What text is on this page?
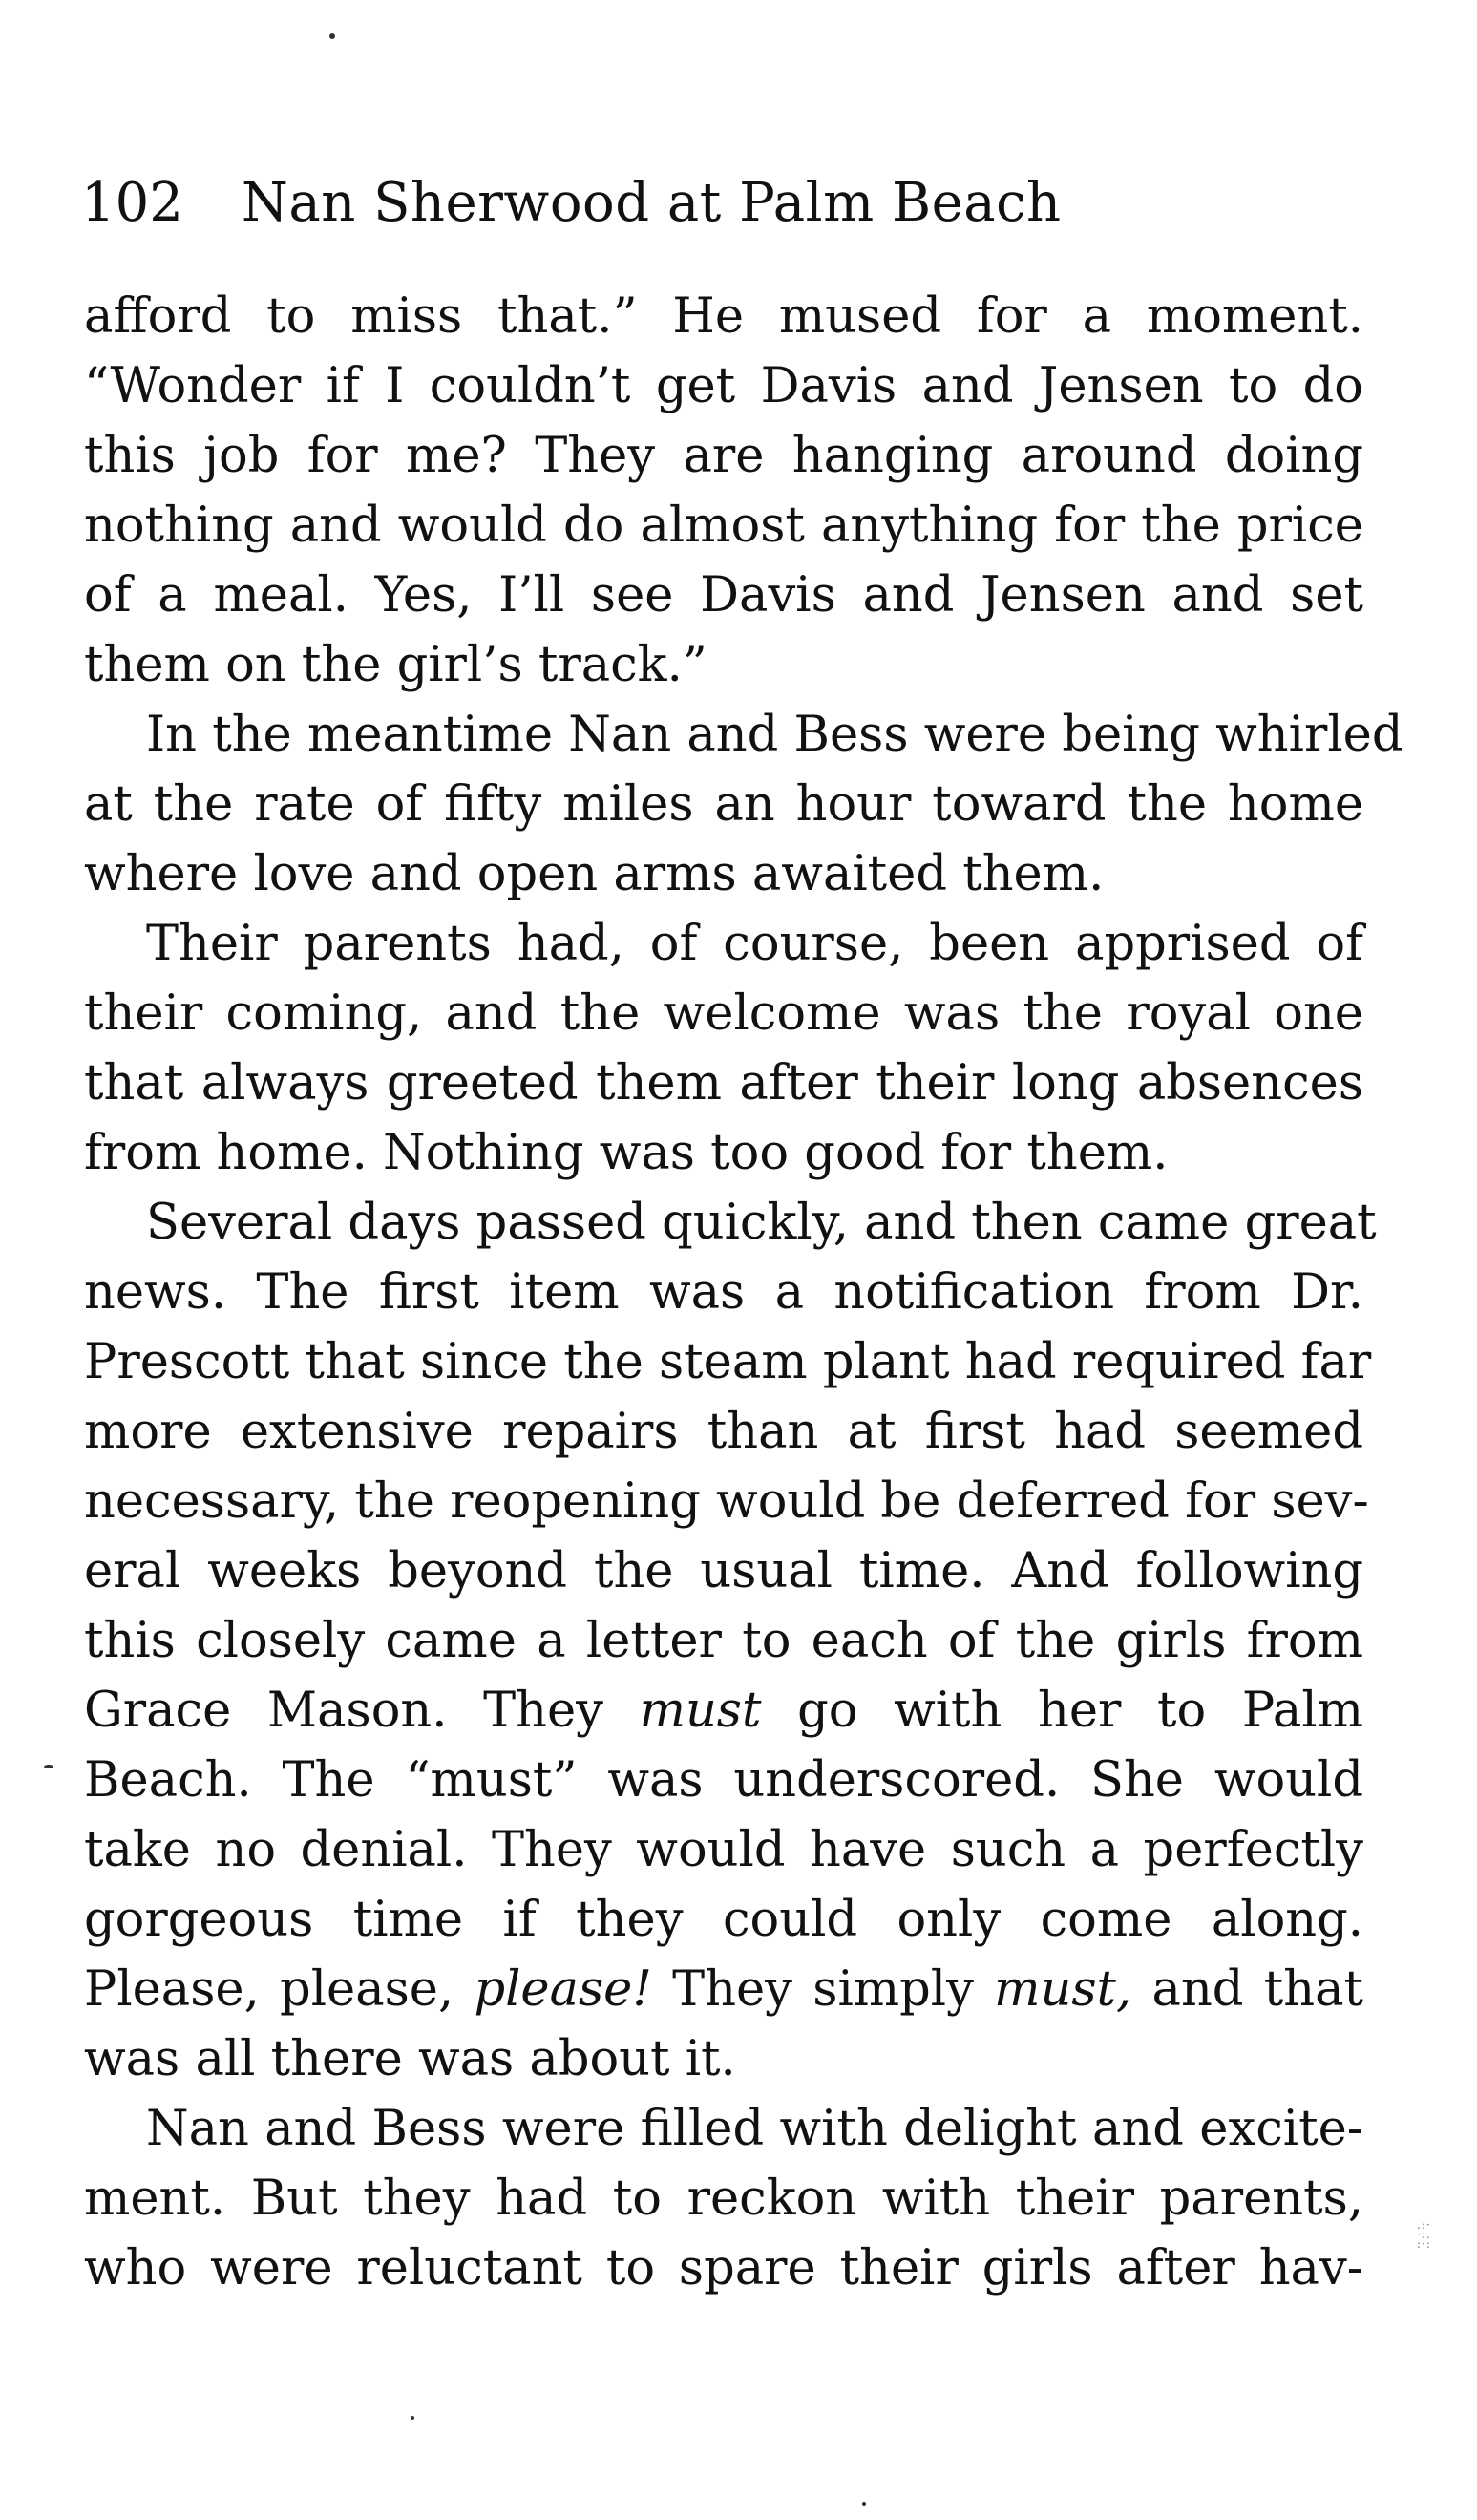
.:· ·:. :·:
102 Nan Sherwood at Palm Beach
afford to miss that.” He mused for a moment.
“Wonder if I couldn’t get Davis and Jensen to do
this job for me? They are hanging around doing
nothing and would do almost anything for the price
of a meal. Yes, I’ll see Davis and Jensen and set
them on the girl’s track.”
In the meantime Nan and Bess were being whirled
at the rate of fifty miles an hour toward the home
where love and open arms awaited them.
Their parents had, of course, been apprised of
their coming, and the welcome was the royal one
that always greeted them after their long absences
from home. Nothing was too good for them.
Several days passed quickly, and then came great
news. The first item was a notification from Dr.
Prescott that since the steam plant had required far
more extensive repairs than at first had seemed
necessary, the reopening would be deferred for sev-
eral weeks beyond the usual time. And following
this closely came a letter to each of the girls from
Grace Mason. They must go with her to Palm
Beach. The “must” was underscored. She would
take no denial. They would have such a perfectly
gorgeous time if they could only come along.
Please, please, please! They simply must, and that
was all there was about it.
Nan and Bess were filled with delight and excite-
ment. But they had to reckon with their parents,
who were reluctant to spare their girls after hav-
